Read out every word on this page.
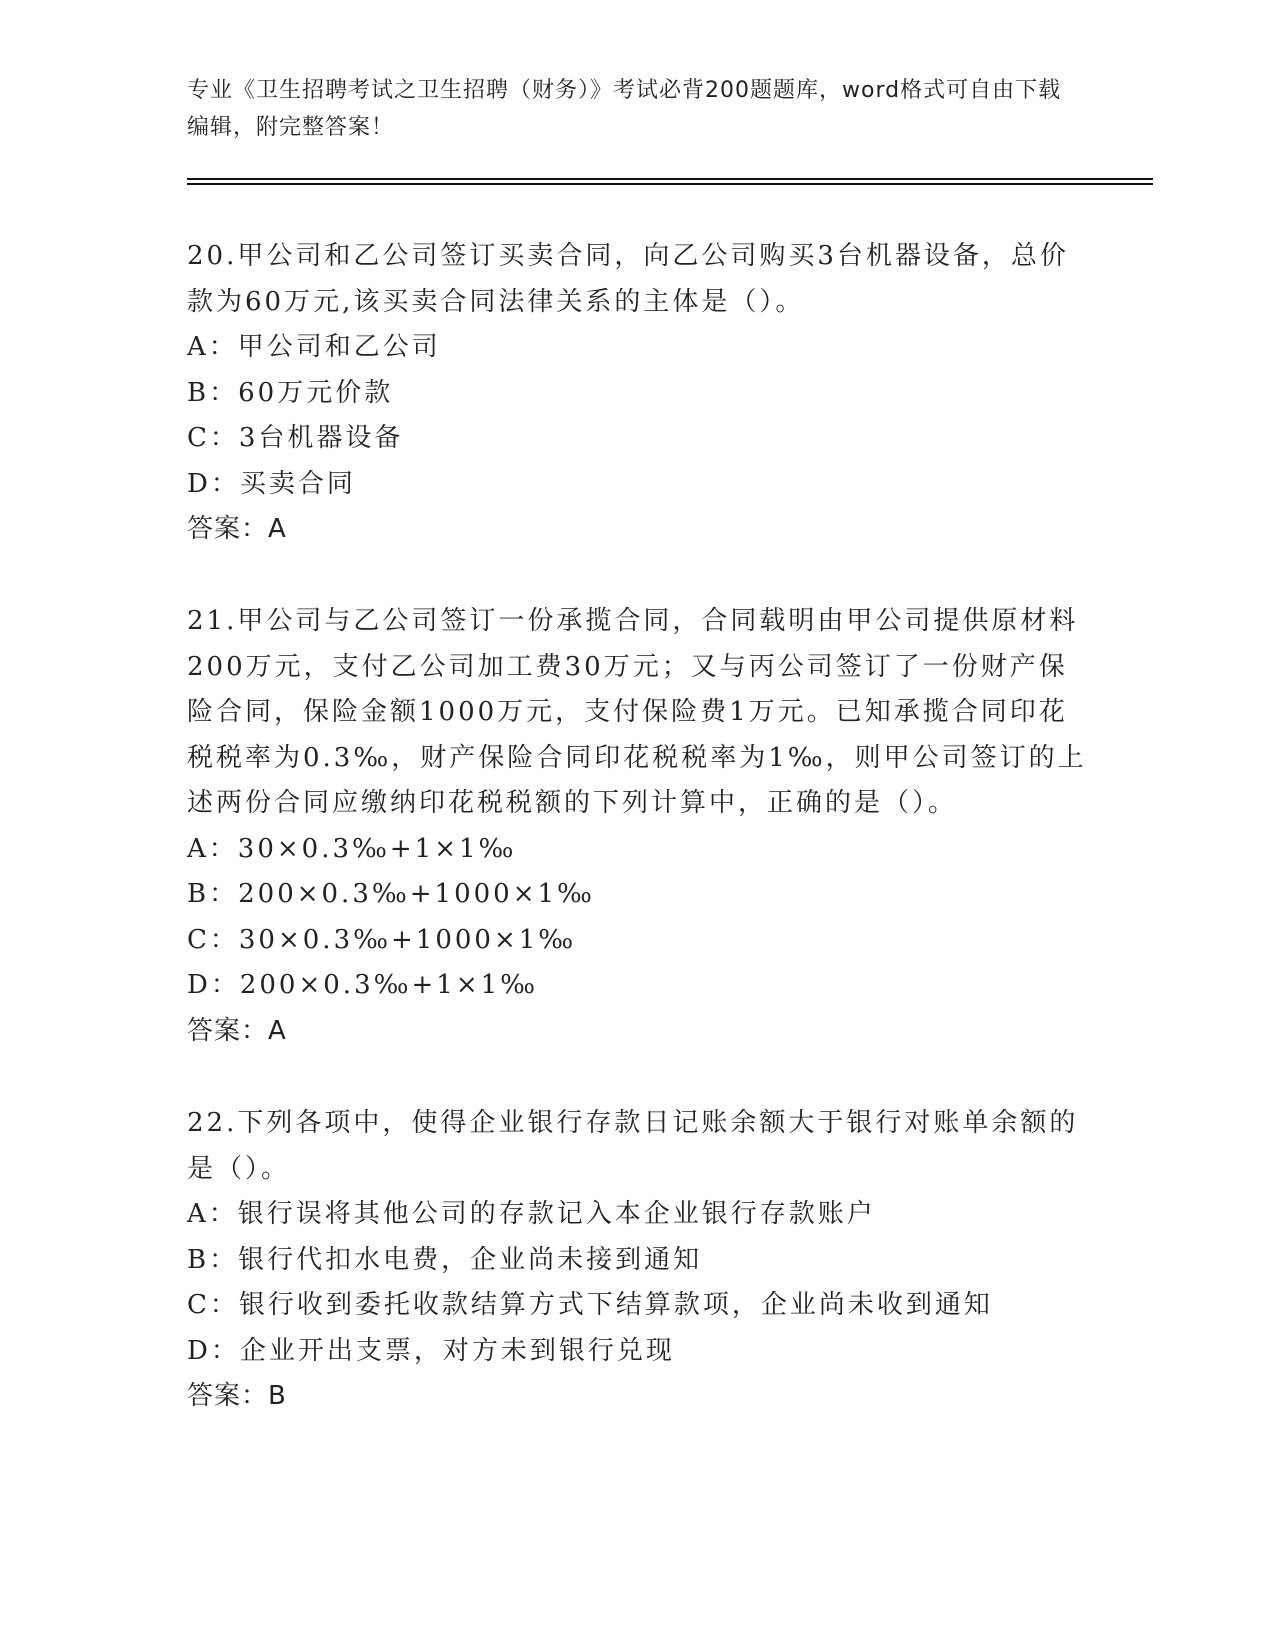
专业《卫生招聘考试之卫生招聘（财务）》考试必背200题题库，word格式可自由下载编辑，附完整答案！
20.甲公司和乙公司签订买卖合同，向乙公司购买3台机器设备，总价款为60万元,该买卖合同法律关系的主体是（）。
A：甲公司和乙公司
B：60万元价款
C：3台机器设备
D：买卖合同
答案：A
21.甲公司与乙公司签订一份承揽合同，合同载明由甲公司提供原材料200万元，支付乙公司加工费30万元；又与丙公司签订了一份财产保险合同，保险金额1000万元，支付保险费1万元。已知承揽合同印花税税率为0.3‰，财产保险合同印花税税率为1‰，则甲公司签订的上述两份合同应缴纳印花税税额的下列计算中，正确的是（）。
A：30×0.3‰+1×1‰
B：200×0.3‰+1000×1‰
C：30×0.3‰+1000×1‰
D：200×0.3‰+1×1‰
答案：A
22.下列各项中，使得企业银行存款日记账余额大于银行对账单余额的是（）。
A：银行误将其他公司的存款记入本企业银行存款账户
B：银行代扣水电费，企业尚未接到通知
C：银行收到委托收款结算方式下结算款项，企业尚未收到通知
D：企业开出支票，对方未到银行兑现
答案：B
